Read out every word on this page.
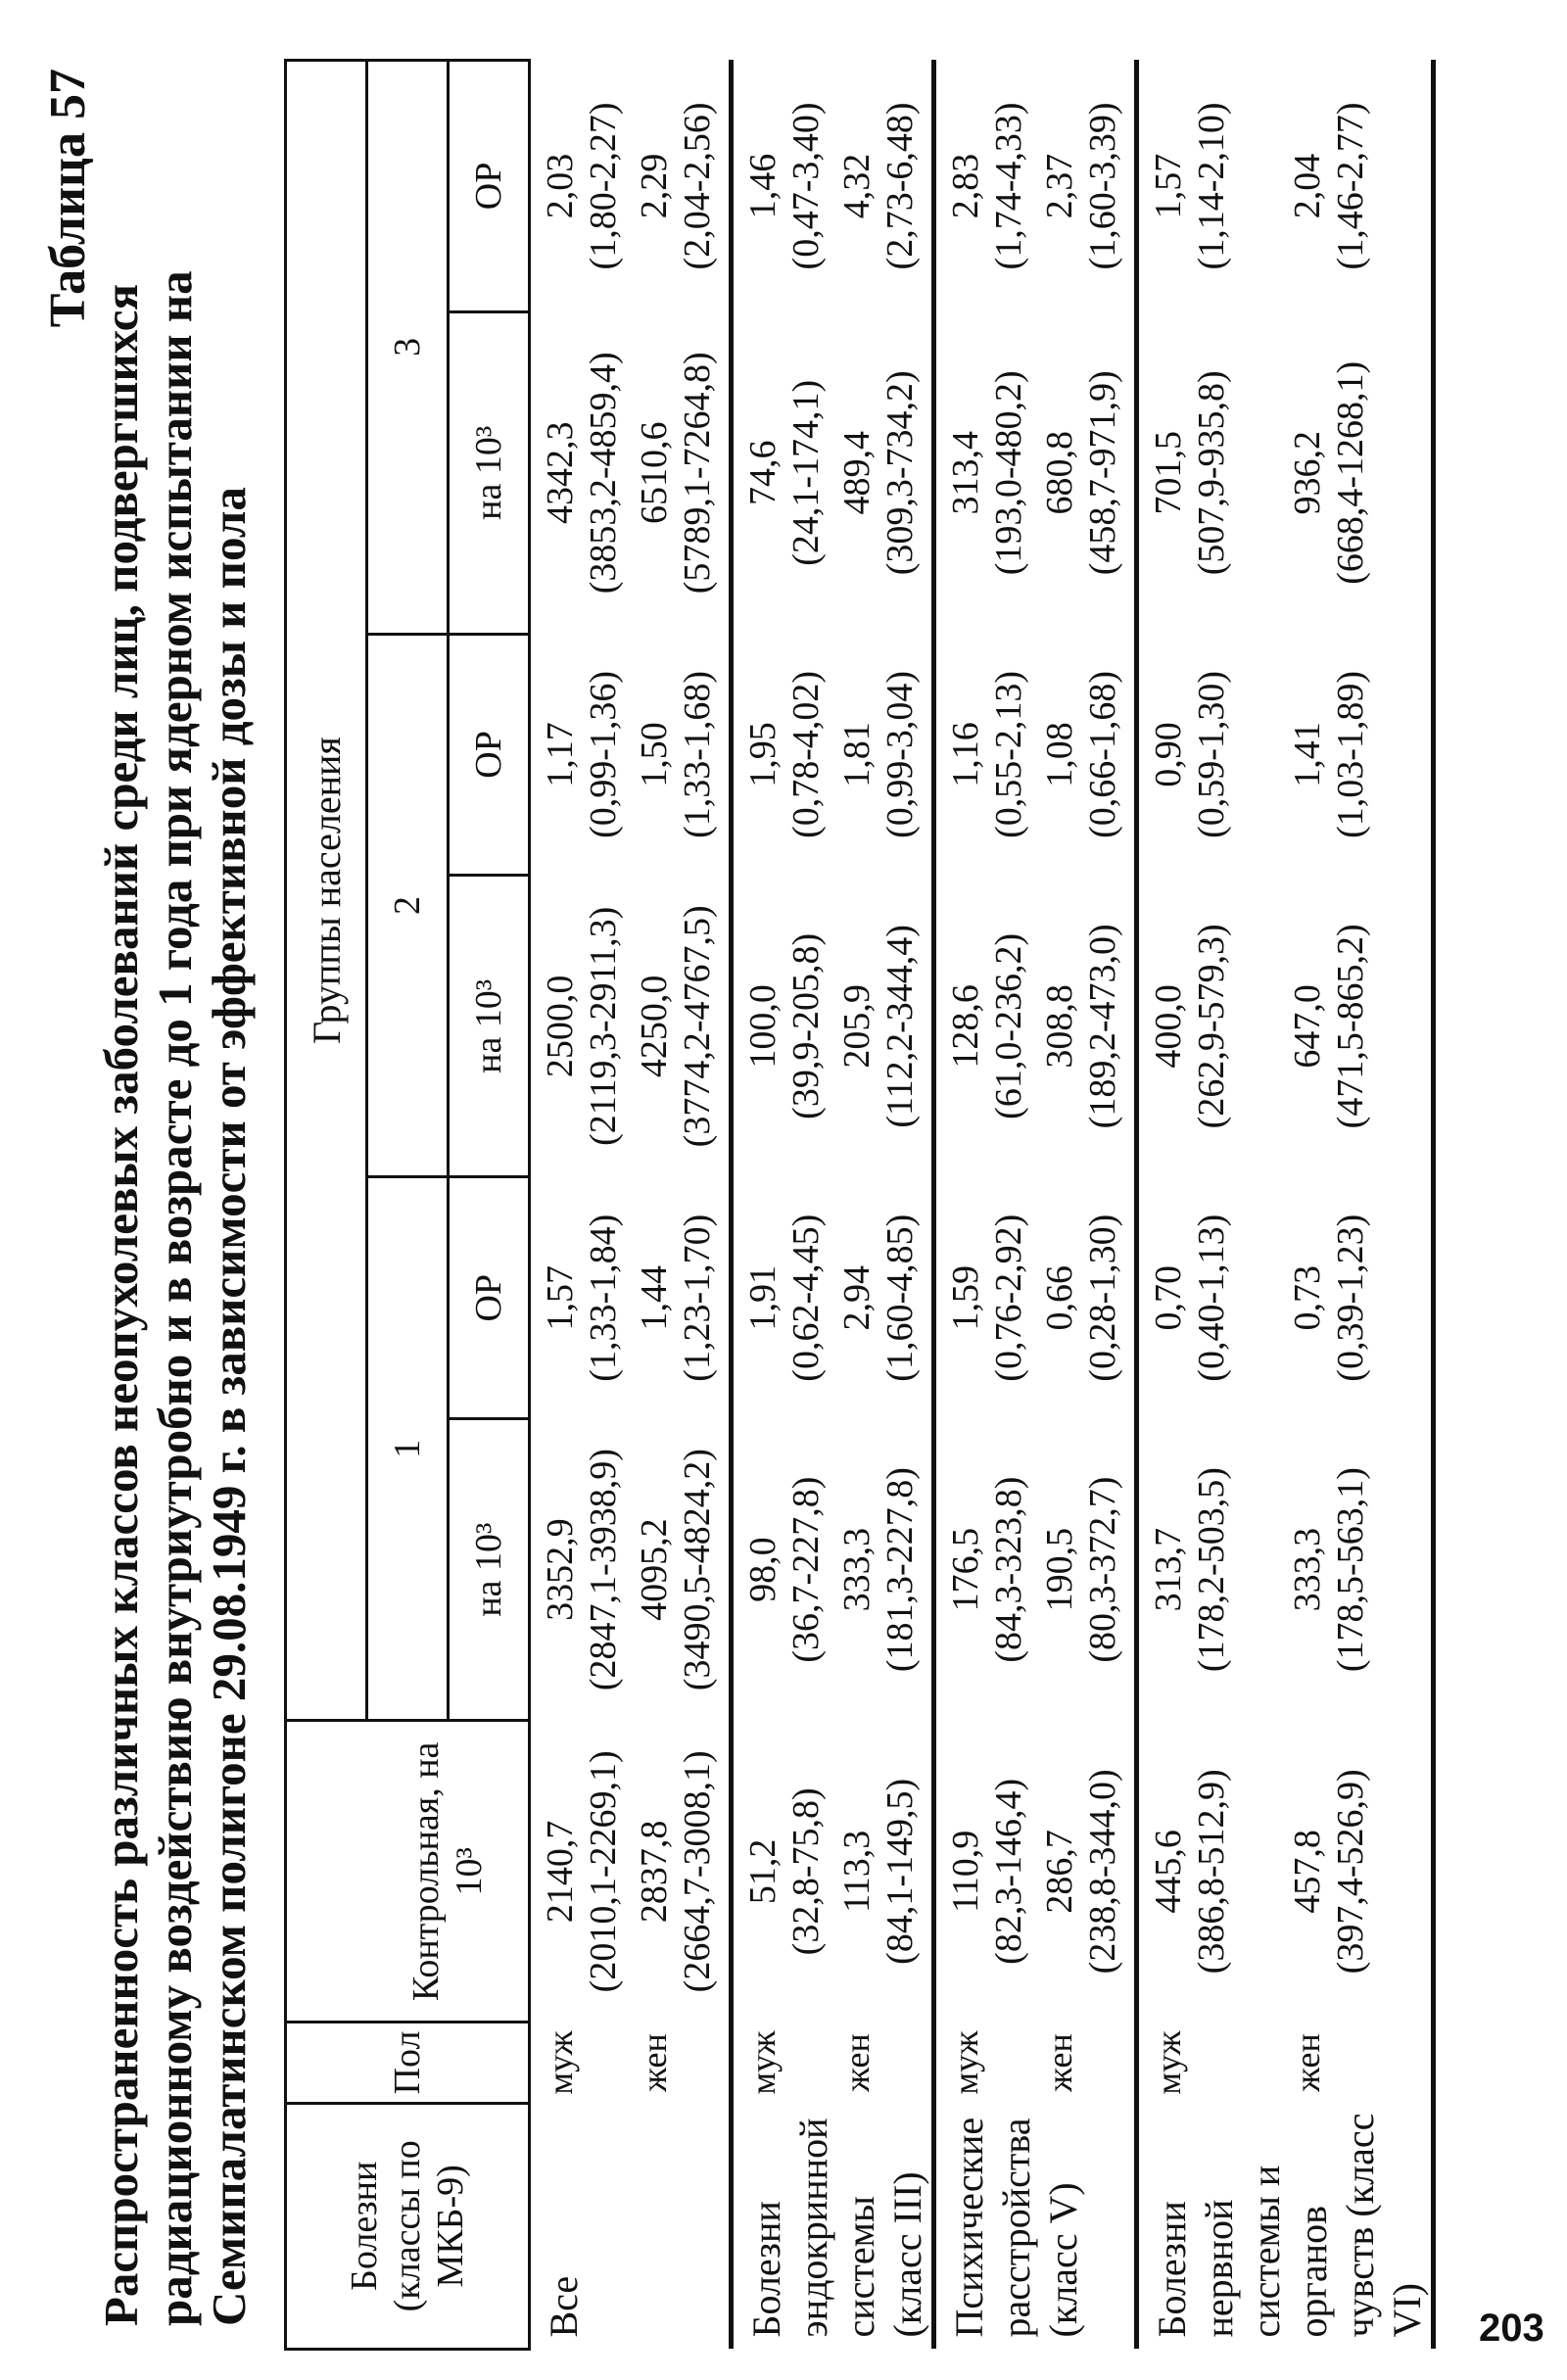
Таблица 57
Распространенность различных классов неопухолевых заболеваний среди лиц, подвергшихся радиационному воздействию внутриутробно и в возрасте до 1 года при ядерном испытании на Семипалатинском полигоне 29.08.1949 г. в зависимости от эффективной дозы и пола Болезни (классы по МКБ-9)	Пол		Группы населения					
		Контрольная, на 10³	1		2		3	
			на 10³	ОР	на 10³	ОР	на 10³	ОР
Все	муж	2140,7 (2010,1-2269,1)	3352,9 (2847,1-3938,9)	1,57 (1,33-1,84)	2500,0 (2119,3-2911,3)	1,17 (0,99-1,36)	4342,3 (3853,2-4859,4)	2,03 (1,80-2,27)

	жен	2837,8 (2664,7-3008,1)	4095,2 (3490,5-4824,2)	1,44 (1,23-1,70)	4250,0 (3774,2-4767,5)	1,50 (1,33-1,68)	6510,6 (5789,1-7264,8)	2,29 (2,04-2,56)

Болезни эндокринной системы (класс III)	муж	51,2 (32,8-75,8)	98,0 (36,7-227,8)	1,91 (0,62-4,45)	100,0 (39,9-205,8)	1,95 (0,78-4,02)	74,6 (24,1-174,1)	1,46 (0,47-3,40)

	жен	113,3 (84,1-149,5)	333,3 (181,3-227,8)	2,94 (1,60-4,85)	205,9 (112,2-344,4)	1,81 (0,99-3,04)	489,4 (309,3-734,2)	4,32 (2,73-6,48)

Психические расстройства (класс V)	муж	110,9 (82,3-146,4)	176,5 (84,3-323,8)	1,59 (0,76-2,92)	128,6 (61,0-236,2)	1,16 (0,55-2,13)	313,4 (193,0-480,2)	2,83 (1,74-4,33)

	жен	286,7 (238,8-344,0)	190,5 (80,3-372,7)	0,66 (0,28-1,30)	308,8 (189,2-473,0)	1,08 (0,66-1,68)	680,8 (458,7-971,9)	2,37 (1,60-3,39)

Болезни нервной системы и органов чувств (класс VI)	муж	445,6 (386,8-512,9)	313,7 (178,2-503,5)	0,70 (0,40-1,13)	400,0 (262,9-579,3)	0,90 (0,59-1,30)	701,5 (507,9-935,8)	1,57 (1,14-2,10)

	жен	457,8 (397,4-526,9)	333,3 (178,5-563,1)	0,73 (0,39-1,23)	647,0 (471,5-865,2)	1,41 (1,03-1,89)	936,2 (668,4-1268,1)	2,04 (1,46-2,77)
203
